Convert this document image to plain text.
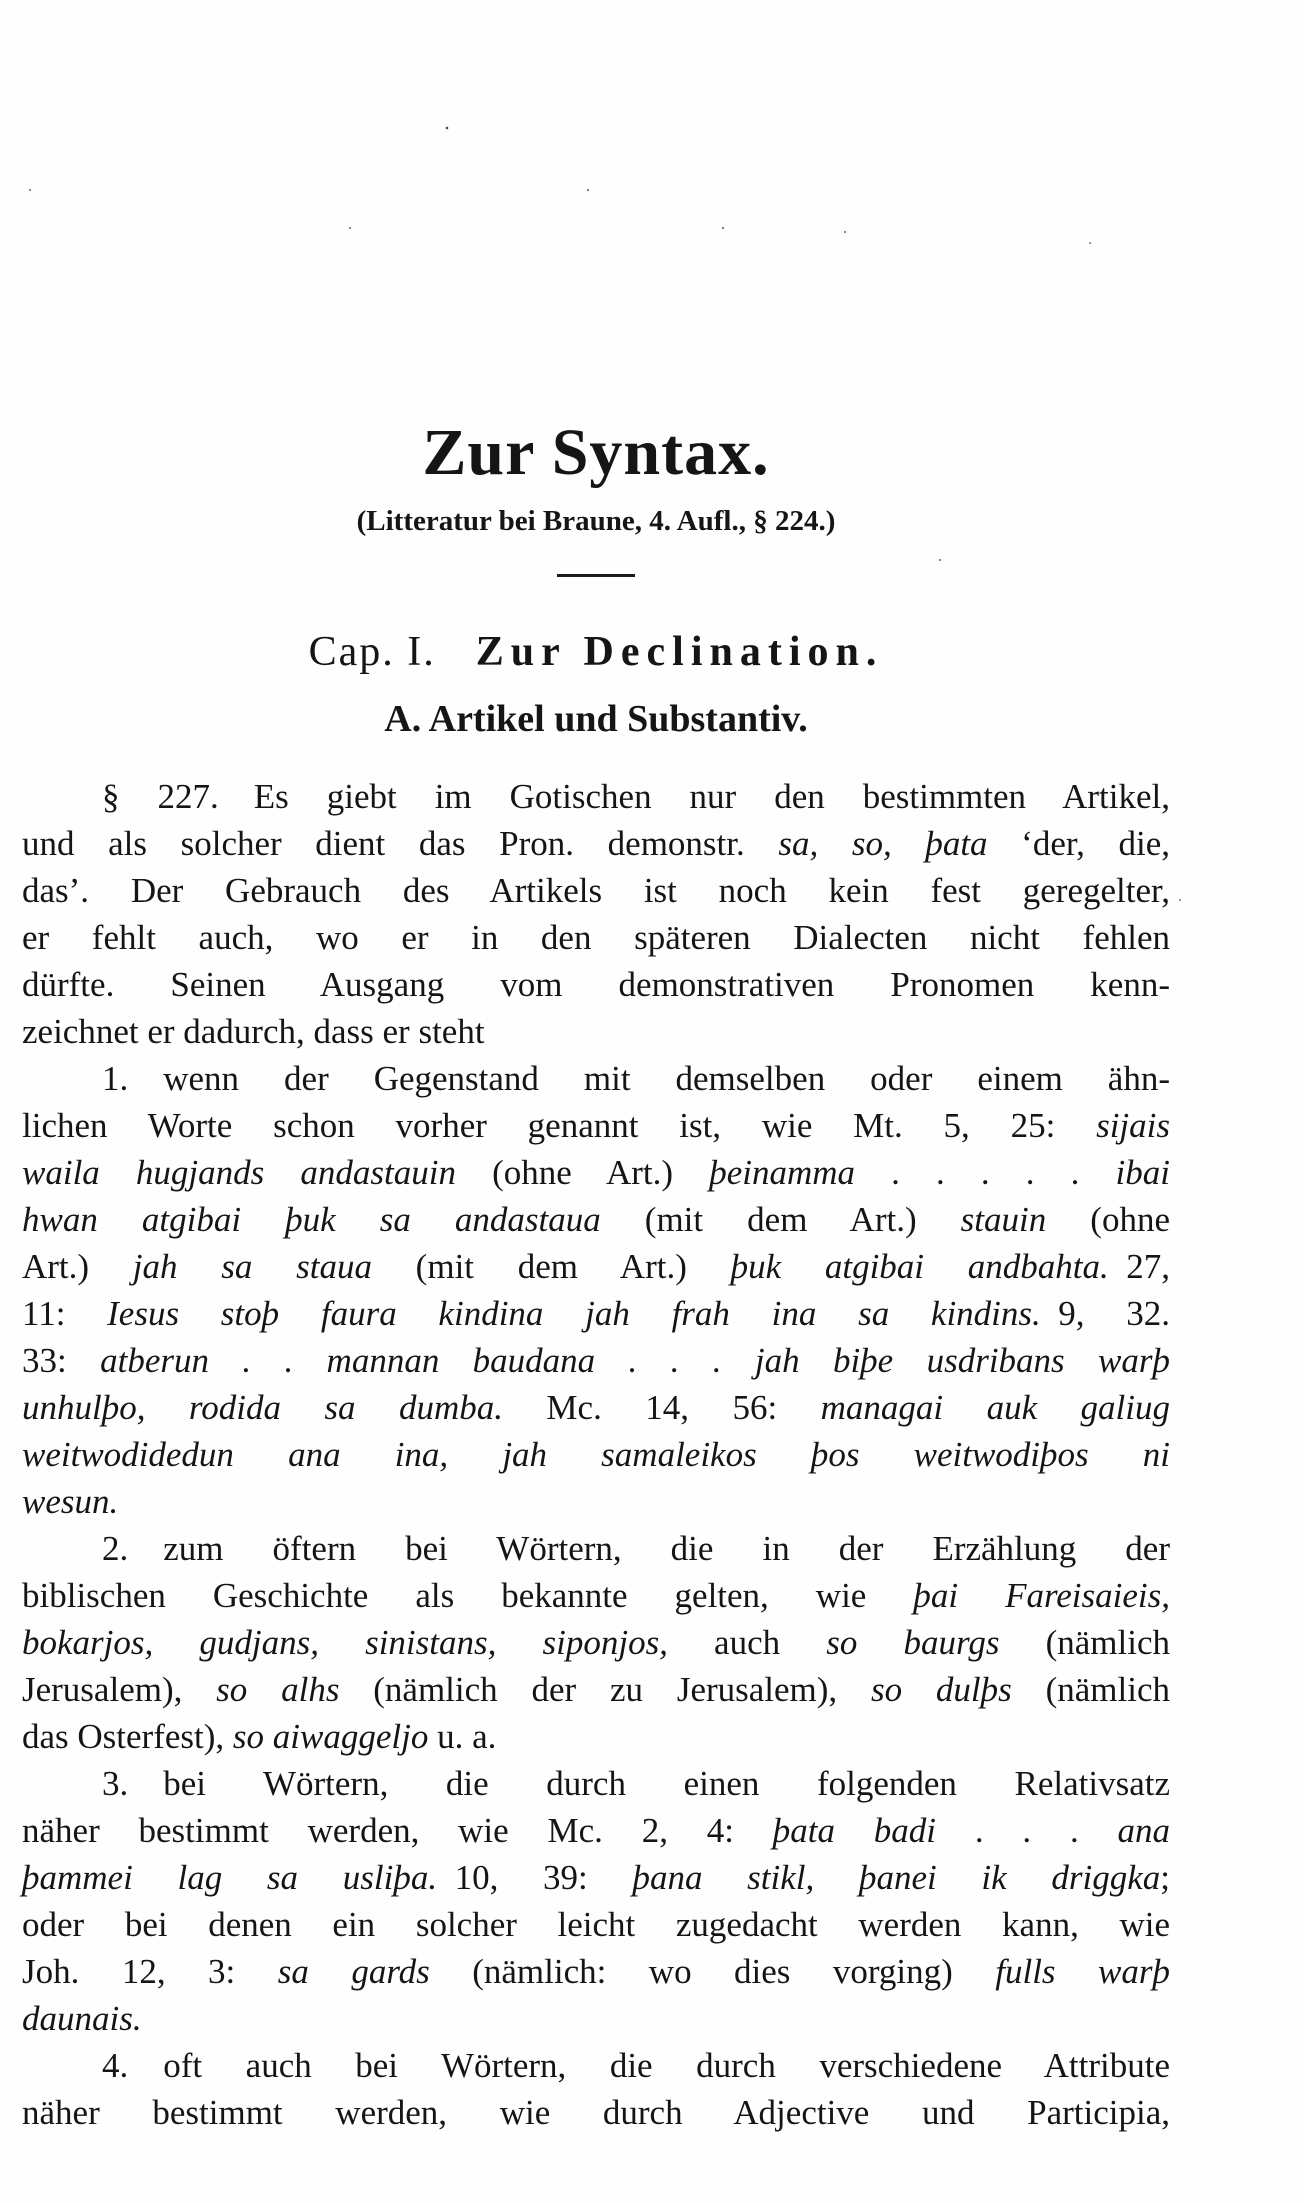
Zur Syntax.
(Litteratur bei Braune, 4. Aufl., § 224.)
Cap. I. Zur Declination.
A. Artikel und Substantiv.
§ 227. Es giebt im Gotischen nur den bestimmten Artikel,
und als solcher dient das Pron. demonstr. sa, so, þata ‘der, die,
das’. Der Gebrauch des Artikels ist noch kein fest geregelter,
er fehlt auch, wo er in den späteren Dialecten nicht fehlen
dürfte. Seinen Ausgang vom demonstrativen Pronomen kenn-
zeichnet er dadurch, dass er steht
1. wenn der Gegenstand mit demselben oder einem ähn-
lichen Worte schon vorher genannt ist, wie Mt. 5, 25: sijais
waila hugjands andastauin (ohne Art.) þeinamma . . . . . ibai
hwan atgibai þuk sa andastaua (mit dem Art.) stauin (ohne
Art.) jah sa staua (mit dem Art.) þuk atgibai andbahta. 27,
11: Iesus stoþ faura kindina jah frah ina sa kindins. 9, 32.
33: atberun . . mannan baudana . . . jah biþe usdribans warþ
unhulþo, rodida sa dumba. Mc. 14, 56: managai auk galiug
weitwodidedun ana ina, jah samaleikos þos weitwodiþos ni
wesun.
2. zum öftern bei Wörtern, die in der Erzählung der
biblischen Geschichte als bekannte gelten, wie þai Fareisaieis,
bokarjos, gudjans, sinistans, siponjos, auch so baurgs (nämlich
Jerusalem), so alhs (nämlich der zu Jerusalem), so dulþs (nämlich
das Osterfest), so aiwaggeljo u. a.
3. bei Wörtern, die durch einen folgenden Relativsatz
näher bestimmt werden, wie Mc. 2, 4: þata badi . . . ana
þammei lag sa usliþa. 10, 39: þana stikl, þanei ik driggka;
oder bei denen ein solcher leicht zugedacht werden kann, wie
Joh. 12, 3: sa gards (nämlich: wo dies vorging) fulls warþ
daunais.
4. oft auch bei Wörtern, die durch verschiedene Attribute
näher bestimmt werden, wie durch Adjective und Participia,
